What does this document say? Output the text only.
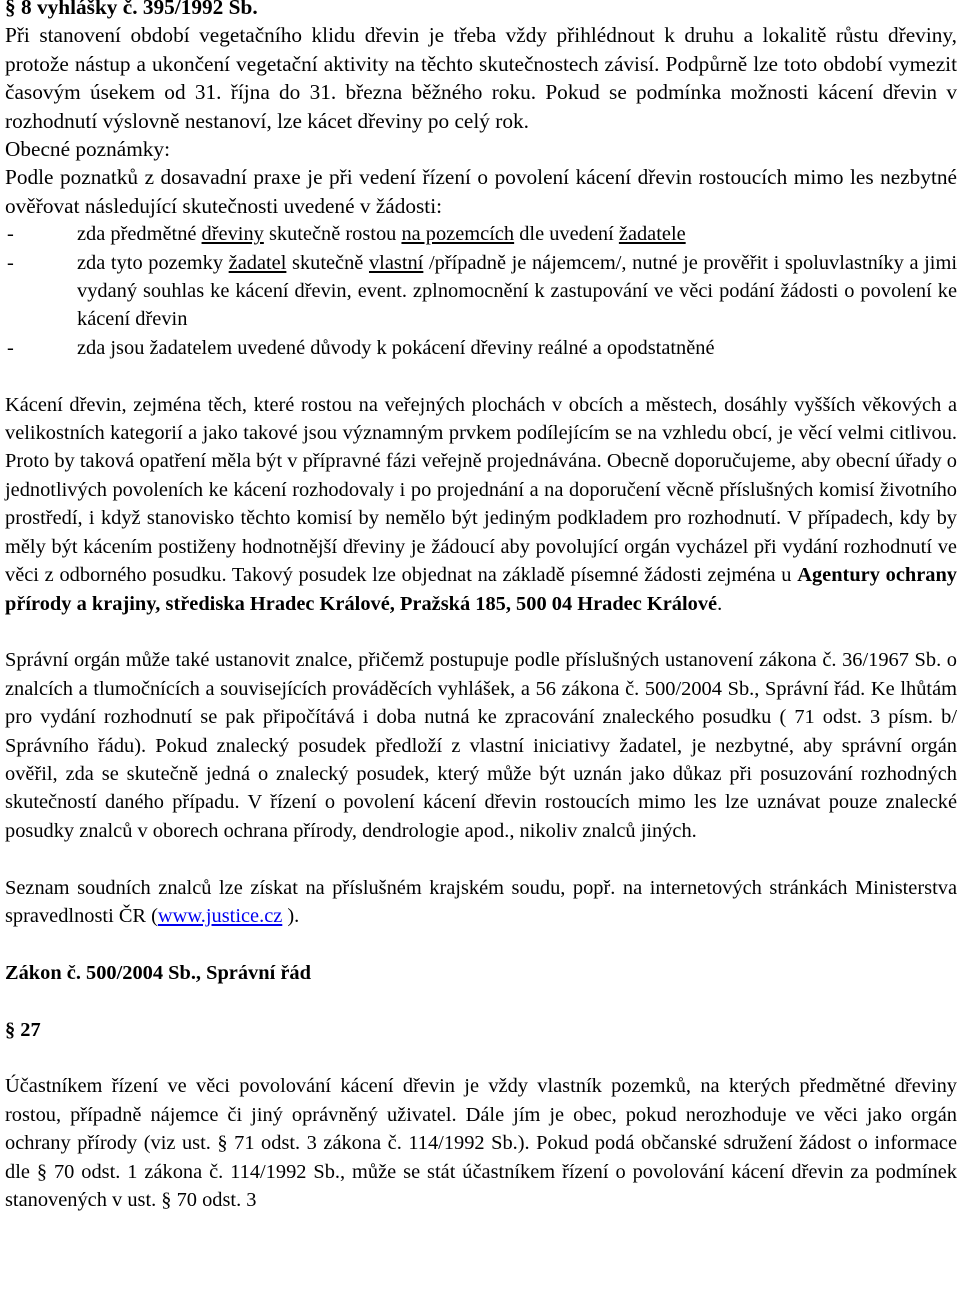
§ 8 vyhlášky č. 395/1992 Sb.

Při stanovení období vegetačního klidu dřevin je třeba vždy přihlédnout k druhu a lokalitě růstu dřeviny, protože nástup a ukončení vegetační aktivity na těchto skutečnostech závisí. Podpůrně lze toto období vymezit časovým úsekem od 31. října do 31. března běžného roku. Pokud se podmínka možnosti kácení dřevin v rozhodnutí výslovně nestanoví, lze kácet dřeviny po celý rok.

Obecné poznámky:

Podle poznatků z dosavadní praxe je při vedení řízení o povolení kácení dřevin rostoucích mimo les nezbytné ověřovat následující skutečnosti uvedené v žádosti:

- zda předmětné dřeviny skutečně rostou na pozemcích dle uvedení žadatele
- zda tyto pozemky žadatel skutečně vlastní /případně je nájemcem/, nutné je prověřit i spoluvlastníky a jimi vydaný souhlas ke kácení dřevin, event. zplnomocnění k zastupování ve věci podání žádosti o povolení ke kácení dřevin
- zda jsou žadatelem uvedené důvody k pokácení dřeviny reálné a opodstatněné

Kácení dřevin, zejména těch, které rostou na veřejných plochách v obcích a městech, dosáhly vyšších věkových a velikostních kategorií a jako takové jsou významným prvkem podílejícím se na vzhledu obcí, je věcí velmi citlivou. Proto by taková opatření měla být v přípravné fázi veřejně projednávána. Obecně doporučujeme, aby obecní úřady o jednotlivých povoleních ke kácení rozhodovaly i po projednání a na doporučení věcně příslušných komisí životního prostředí, i když stanovisko těchto komisí by nemělo být jediným podkladem pro rozhodnutí. V případech, kdy by měly být kácením postiženy hodnotnější dřeviny je žádoucí aby povolující orgán vycházel při vydání rozhodnutí ve věci z odborného posudku. Takový posudek lze objednat na základě písemné žádosti zejména u Agentury ochrany přírody a krajiny, střediska Hradec Králové, Pražská 185, 500 04 Hradec Králové.

Správní orgán může také ustanovit znalce, přičemž postupuje podle příslušných ustanovení zákona č. 36/1967 Sb. o znalcích a tlumočnících a souvisejících prováděcích vyhlášek, a 56 zákona č. 500/2004 Sb., Správní řád. Ke lhůtám pro vydání rozhodnutí se pak připočítává i doba nutná ke zpracování znaleckého posudku ( 71 odst. 3 písm. b/ Správního řádu). Pokud znalecký posudek předloží z vlastní iniciativy žadatel, je nezbytné, aby správní orgán ověřil, zda se skutečně jedná o znalecký posudek, který může být uznán jako důkaz při posuzování rozhodných skutečností daného případu. V řízení o povolení kácení dřevin rostoucích mimo les lze uznávat pouze znalecké posudky znalců v oborech ochrana přírody, dendrologie apod., nikoliv znalců jiných.

Seznam soudních znalců lze získat na příslušném krajském soudu, popř. na internetových stránkách Ministerstva spravedlnosti ČR (www.justice.cz ).

Zákon č. 500/2004 Sb., Správní řád

§ 27

Účastníkem řízení ve věci povolování kácení dřevin je vždy vlastník pozemků, na kterých předmětné dřeviny rostou, případně nájemce či jiný oprávněný uživatel. Dále jím je obec, pokud nerozhoduje ve věci jako orgán ochrany přírody (viz ust. § 71 odst. 3 zákona č. 114/1992 Sb.). Pokud podá občanské sdružení žádost o informace dle § 70 odst. 1 zákona č. 114/1992 Sb., může se stát účastníkem řízení o povolování kácení dřevin za podmínek stanovených v ust. § 70 odst. 3
